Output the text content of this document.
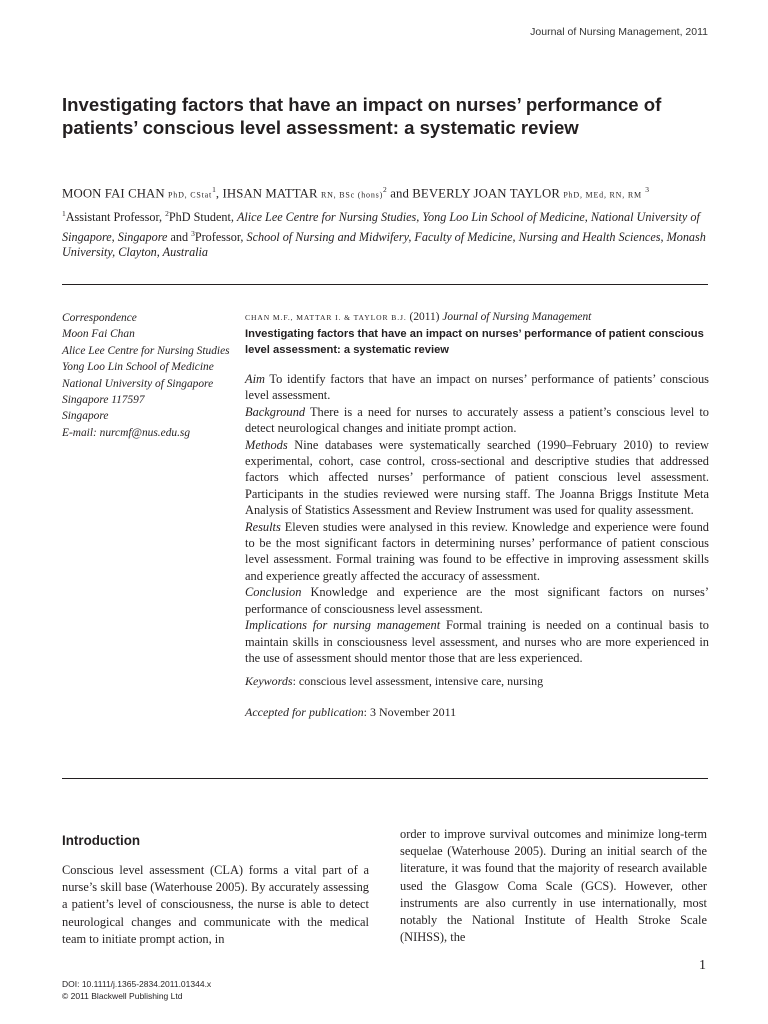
Journal of Nursing Management, 2011
Investigating factors that have an impact on nurses’ performance of patients’ conscious level assessment: a systematic review
MOON FAI CHAN PhD, CStat$^1$, IHSAN MATTAR RN, BSc (hons)$^2$ and BEVERLY JOAN TAYLOR PhD, MEd, RN, RM $^3$
$^1$Assistant Professor, $^2$PhD Student, Alice Lee Centre for Nursing Studies, Yong Loo Lin School of Medicine, National University of Singapore, Singapore and $^3$Professor, School of Nursing and Midwifery, Faculty of Medicine, Nursing and Health Sciences, Monash University, Clayton, Australia
Correspondence
Moon Fai Chan
Alice Lee Centre for Nursing Studies
Yong Loo Lin School of Medicine
National University of Singapore
Singapore 117597
Singapore
E-mail: nurcmf@nus.edu.sg
CHAN M.F., MATTAR I. & TAYLOR B.J. (2011) Journal of Nursing Management
Investigating factors that have an impact on nurses’ performance of patient conscious level assessment: a systematic review
Aim To identify factors that have an impact on nurses’ performance of patients’ conscious level assessment.
Background There is a need for nurses to accurately assess a patient’s conscious level to detect neurological changes and initiate prompt action.
Methods Nine databases were systematically searched (1990–February 2010) to review experimental, cohort, case control, cross-sectional and descriptive studies that addressed factors which affected nurses’ performance of patient conscious level assessment. Participants in the studies reviewed were nursing staff. The Joanna Briggs Institute Meta Analysis of Statistics Assessment and Review Instrument was used for quality assessment.
Results Eleven studies were analysed in this review. Knowledge and experience were found to be the most significant factors in determining nurses’ performance of patient conscious level assessment. Formal training was found to be effective in improving assessment skills and experience greatly affected the accuracy of assessment.
Conclusion Knowledge and experience are the most significant factors on nurses’ performance of consciousness level assessment.
Implications for nursing management Formal training is needed on a continual basis to maintain skills in consciousness level assessment, and nurses who are more experienced in the use of assessment should mentor those that are less experienced.
Keywords: conscious level assessment, intensive care, nursing
Accepted for publication: 3 November 2011
Introduction
Conscious level assessment (CLA) forms a vital part of a nurse’s skill base (Waterhouse 2005). By accurately assessing a patient’s level of consciousness, the nurse is able to detect neurological changes and communicate with the medical team to initiate prompt action, in
order to improve survival outcomes and minimize long-term sequelae (Waterhouse 2005). During an initial search of the literature, it was found that the majority of research available used the Glasgow Coma Scale (GCS). However, other instruments are also currently in use internationally, most notably the National Institute of Health Stroke Scale (NIHSS), the
DOI: 10.1111/j.1365-2834.2011.01344.x
© 2011 Blackwell Publishing Ltd
1
